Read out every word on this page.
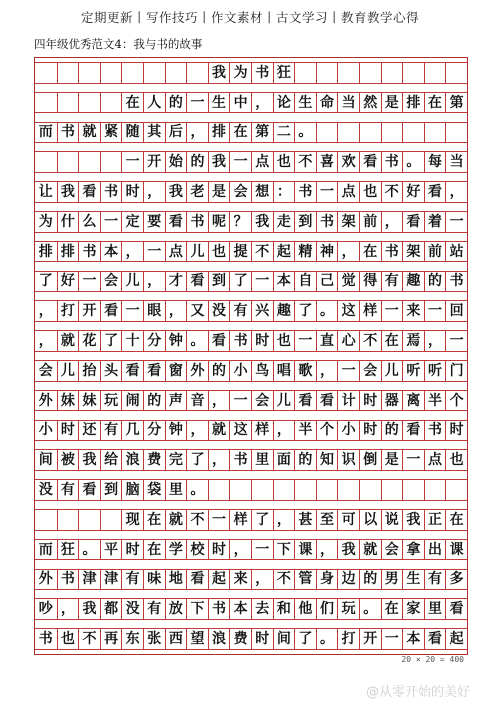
定期更新丨写作技巧丨作文素材丨古文学习丨教育教学心得
四年级优秀范文4：我与书的故事
我 为 书 狂
在 人 的 一 生 中 ， 论 生 命 当 然 是 排 在 第
而 书 就 紧 随 其 后 ， 排 在 第 二 。
一 开 始 的 我 一 点 也 不 喜 欢 看 书 。 每 当
让 我 看 书 时 ， 我 老 是 会 想 ： 书 一 点 也 不 好 看 ，
为 什 么 一 定 要 看 书 呢 ？ 我 走 到 书 架 前 ， 看 着 一
排 排 书 本 ， 一 点 儿 也 提 不 起 精 神 ， 在 书 架 前 站
了 好 一 会 儿 ， 才 看 到 了 一 本 自 己 觉 得 有 趣 的 书
， 打 开 看 一 眼 ， 又 没 有 兴 趣 了 。 这 样 一 来 一 回
， 就 花 了 十 分 钟 。 看 书 时 也 一 直 心 不 在 焉 ， 一
会 儿 抬 头 看 看 窗 外 的 小 鸟 唱 歌 ， 一 会 儿 听 听 门
外 妹 妹 玩 闹 的 声 音 ， 一 会 儿 看 看 计 时 器 离 半 个
小 时 还 有 几 分 钟 ， 就 这 样 ， 半 个 小 时 的 看 书 时
间 被 我 给 浪 费 完 了 ， 书 里 面 的 知 识 倒 是 一 点 也
没 有 看 到 脑 袋 里 。
现 在 就 不 一 样 了 ， 甚 至 可 以 说 我 正 在
而 狂 。 平 时 在 学 校 时 ， 一 下 课 ， 我 就 会 拿 出 课
外 书 津 津 有 味 地 看 起 来 ， 不 管 身 边 的 男 生 有 多
吵 ， 我 都 没 有 放 下 书 本 去 和 他 们 玩 。 在 家 里 看
书 也 不 再 东 张 西 望 浪 费 时 间 了 。 打 开 一 本 看 起
20 × 20 = 400
@从零开始的美好
